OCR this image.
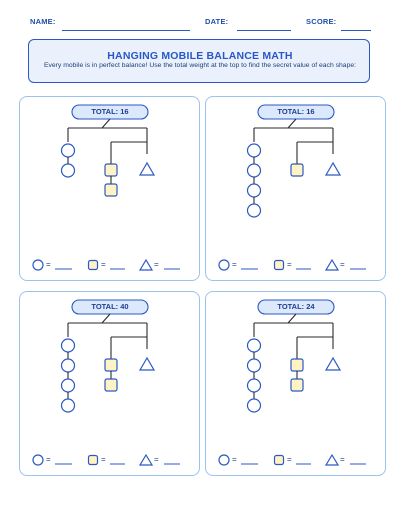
NAME:	DATE:	SCORE:
HANGING MOBILE BALANCE MATH
Every mobile is in perfect balance! Use the total weight at the top to find the secret value of each shape:
TOTAL: 16
=	=	=
TOTAL: 16
=	=	=
TOTAL: 40
=	=	=
TOTAL: 24
=	=	=
